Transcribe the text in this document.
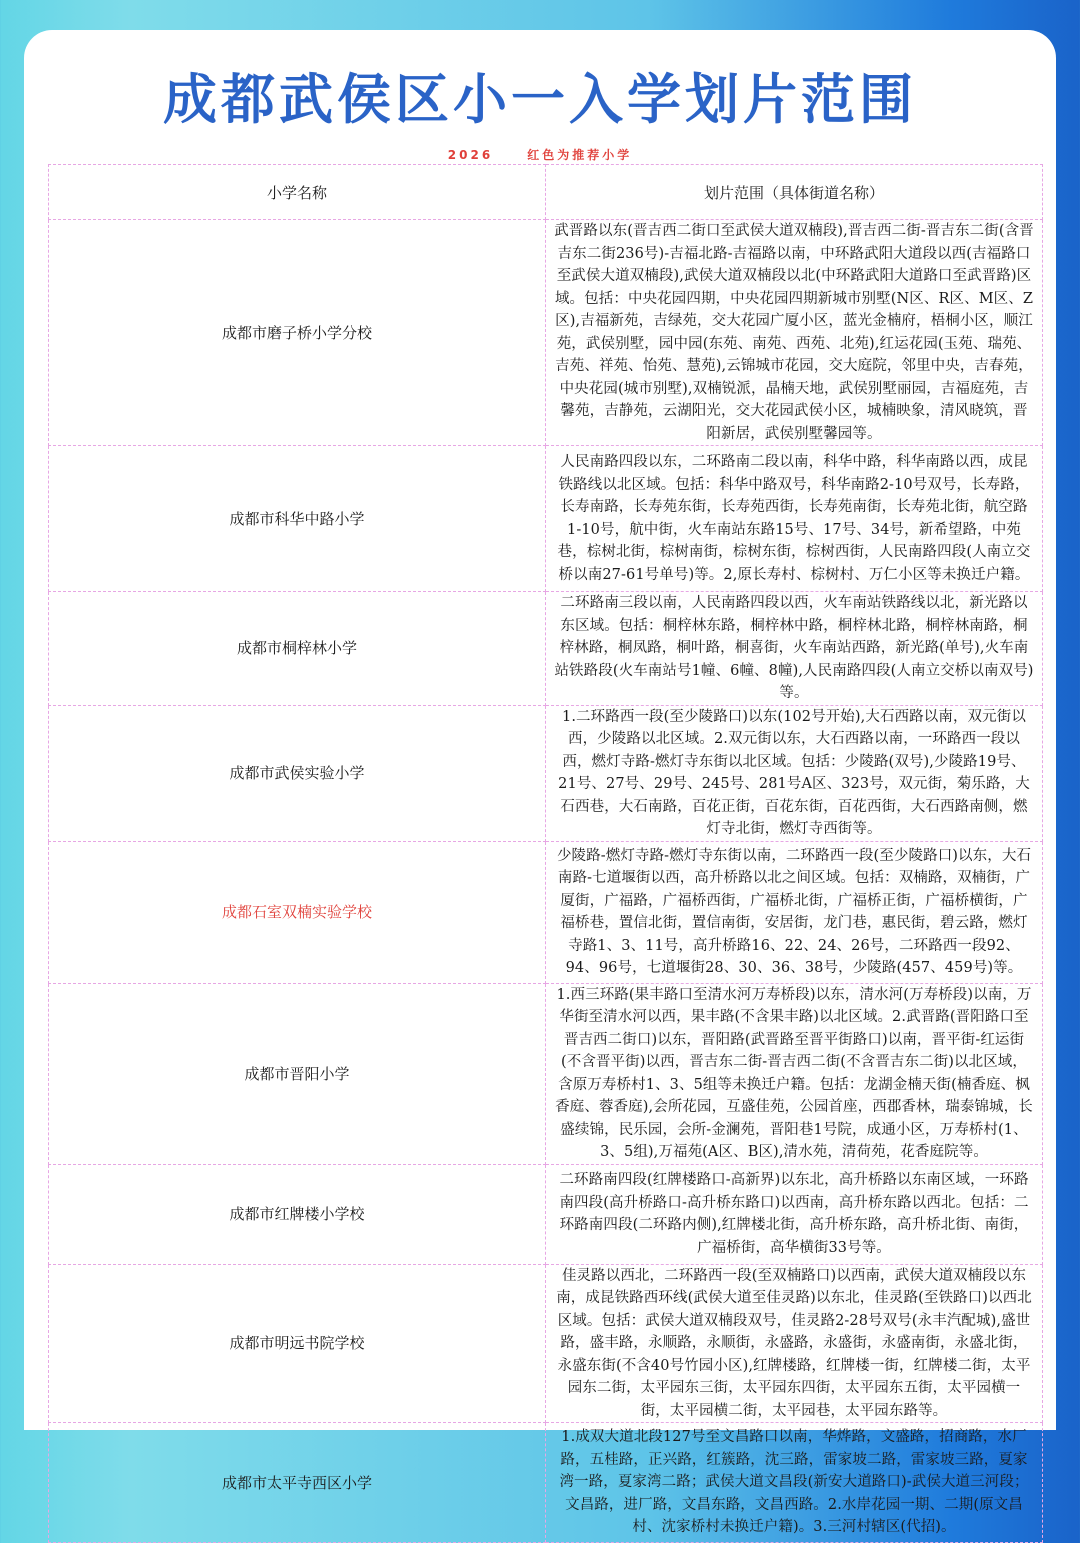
成都武侯区小一入学划片范围
2026	红色为推荐小学
小学名称	划片范围（具体街道名称）
成都市磨子桥小学分校	武晋路以东(晋吉西二街口至武侯大道双楠段),晋吉西二街-晋吉东二街(含晋吉东二街236号)-吉福北路-吉福路以南，中环路武阳大道段以西(吉福路口至武侯大道双楠段),武侯大道双楠段以北(中环路武阳大道路口至武晋路)区域。包括：中央花园四期，中央花园四期新城市别墅(N区、R区、M区、Z区),吉福新苑，吉绿苑，交大花园广厦小区，蓝光金楠府，梧桐小区，顺江苑，武侯别墅，园中园(东苑、南苑、西苑、北苑),红运花园(玉苑、瑞苑、吉苑、祥苑、怡苑、慧苑),云锦城市花园，交大庭院，邻里中央，吉春苑，中央花园(城市别墅),双楠锐派，晶楠天地，武侯别墅丽园，吉福庭苑，吉馨苑，吉静苑，云湖阳光，交大花园武侯小区，城楠映象，清风晓筑，晋阳新居，武侯别墅馨园等。
成都市科华中路小学	人民南路四段以东，二环路南二段以南，科华中路，科华南路以西，成昆铁路线以北区域。包括：科华中路双号，科华南路2-10号双号，长寿路，长寿南路，长寿苑东街，长寿苑西街，长寿苑南街，长寿苑北街，航空路1-10号，航中街，火车南站东路15号、17号、34号，新希望路，中苑巷，棕树北街，棕树南街，棕树东街，棕树西街，人民南路四段(人南立交桥以南27-61号单号)等。2,原长寿村、棕树村、万仁小区等未换迁户籍。
成都市桐梓林小学	二环路南三段以南，人民南路四段以西，火车南站铁路线以北，新光路以东区域。包括：桐梓林东路，桐梓林中路，桐梓林北路，桐梓林南路，桐梓林路，桐凤路，桐叶路，桐喜街，火车南站西路，新光路(单号),火车南站铁路段(火车南站号1幢、6幢、8幢),人民南路四段(人南立交桥以南双号)等。
成都市武侯实验小学	1.二环路西一段(至少陵路口)以东(102号开始),大石西路以南，双元街以西，少陵路以北区域。2.双元街以东，大石西路以南，一环路西一段以西，燃灯寺路-燃灯寺东街以北区域。包括：少陵路(双号),少陵路19号、21号、27号、29号、245号、281号A区、323号，双元街，菊乐路，大石西巷，大石南路，百花正街，百花东街，百花西街，大石西路南侧，燃灯寺北街，燃灯寺西街等。
成都石室双楠实验学校	少陵路-燃灯寺路-燃灯寺东街以南，二环路西一段(至少陵路口)以东，大石南路-七道堰街以西，高升桥路以北之间区域。包括：双楠路，双楠街，广厦街，广福路，广福桥西街，广福桥北街，广福桥正街，广福桥横街，广福桥巷，置信北街，置信南街，安居街，龙门巷，惠民街，碧云路，燃灯寺路1、3、11号，高升桥路16、22、24、26号，二环路西一段92、94、96号，七道堰街28、30、36、38号，少陵路(457、459号)等。
成都市晋阳小学	1.西三环路(果丰路口至清水河万寿桥段)以东，清水河(万寿桥段)以南，万华街至清水河以西，果丰路(不含果丰路)以北区域。2.武晋路(晋阳路口至晋吉西二街口)以东，晋阳路(武晋路至晋平街路口)以南，晋平街-红运街(不含晋平街)以西，晋吉东二街-晋吉西二街(不含晋吉东二街)以北区域，含原万寿桥村1、3、5组等未换迁户籍。包括：龙湖金楠天街(楠香庭、枫香庭、蓉香庭),会所花园，互盛佳苑，公园首座，西郡香林，瑞泰锦城，长盛续锦，民乐园，会所-金澜苑，晋阳巷1号院，成通小区，万寿桥村(1、3、5组),万福苑(A区、B区),清水苑，清荷苑，花香庭院等。
成都市红牌楼小学校	二环路南四段(红牌楼路口-高新界)以东北，高升桥路以东南区域，一环路南四段(高升桥路口-高升桥东路口)以西南，高升桥东路以西北。包括：二环路南四段(二环路内侧),红牌楼北街，高升桥东路，高升桥北街、南街，广福桥街，高华横街33号等。
成都市明远书院学校	佳灵路以西北，二环路西一段(至双楠路口)以西南，武侯大道双楠段以东南，成昆铁路西环线(武侯大道至佳灵路)以东北，佳灵路(至铁路口)以西北区域。包括：武侯大道双楠段双号，佳灵路2-28号双号(永丰汽配城),盛世路，盛丰路，永顺路，永顺街，永盛路，永盛街，永盛南街，永盛北街，永盛东街(不含40号竹园小区),红牌楼路，红牌楼一街，红牌楼二街，太平园东二街，太平园东三街，太平园东四街，太平园东五街，太平园横一街，太平园横二街，太平园巷，太平园东路等。
成都市太平寺西区小学	1.成双大道北段127号至文昌路口以南，华烨路，文盛路，招商路，水厂路，五桂路，正兴路，红簇路，沈三路，雷家坡二路，雷家坡三路，夏家湾一路，夏家湾二路；武侯大道文昌段(新安大道路口)-武侯大道三河段；文昌路，进厂路，文昌东路，文昌西路。2.水岸花园一期、二期(原文昌村、沈家桥村未换迁户籍)。3.三河村辖区(代招)。
